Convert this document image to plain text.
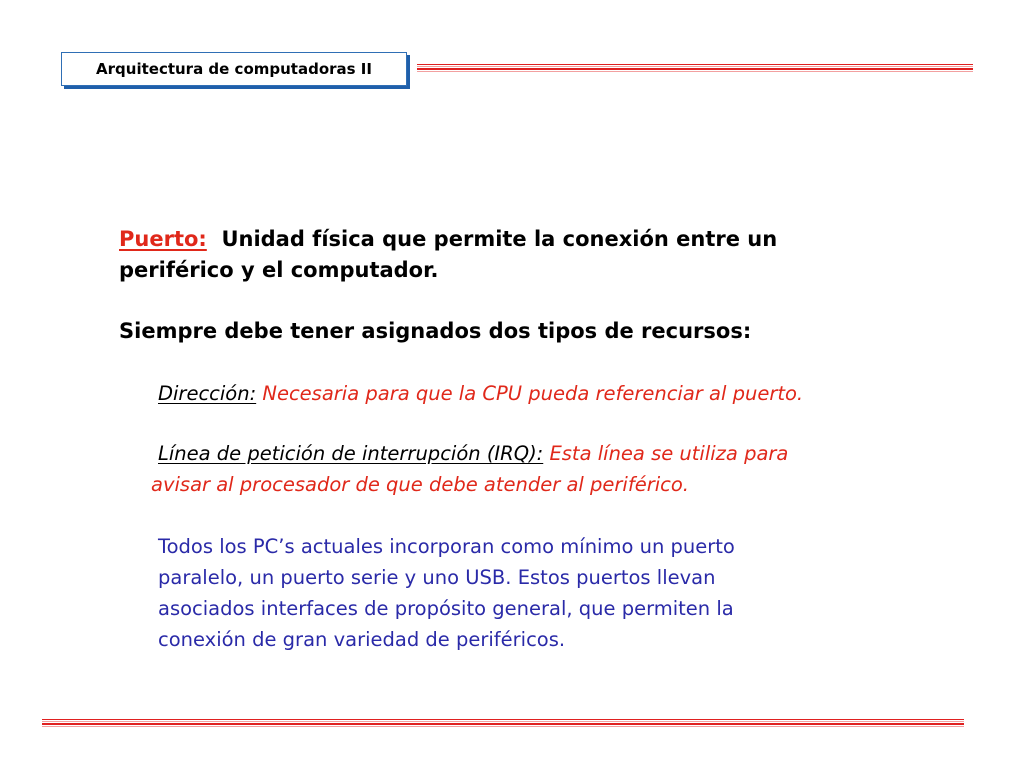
Arquitectura de computadoras II
Puerto: Unidad física que permite la conexión entre un
periférico y el computador.
Siempre debe tener asignados dos tipos de recursos:
Dirección: Necesaria para que la CPU pueda referenciar al puerto.
Línea de petición de interrupción (IRQ): Esta línea se utiliza para
avisar al procesador de que debe atender al periférico.
Todos los PC’s actuales incorporan como mínimo un puerto
paralelo, un puerto serie y uno USB. Estos puertos llevan
asociados interfaces de propósito general, que permiten la
conexión de gran variedad de periféricos.
